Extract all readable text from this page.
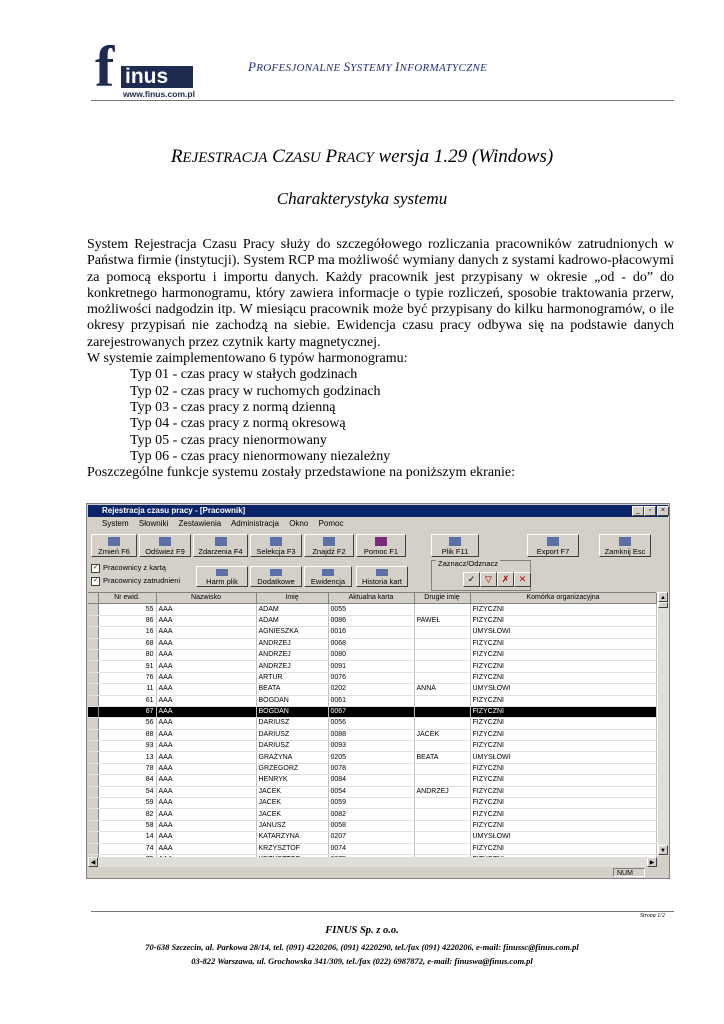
f inus
www.finus.com.pl
PROFESJONALNE SYSTEMY INFORMATYCZNE
REJESTRACJA CZASU PRACY wersja 1.29 (Windows)
Charakterystyka systemu

System Rejestracja Czasu Pracy służy do szczegółowego rozliczania pracowników zatrudnionych w Państwa firmie (instytucji). System RCP ma możliwość wymiany danych z systami kadrowo-płacowymi za pomocą eksportu i importu danych. Każdy pracownik jest przypisany w okresie „od - do” do konkretnego harmonogramu, który zawiera informacje o typie rozliczeń, sposobie traktowania przerw, możliwości nadgodzin itp. W miesiącu pracownik może być przypisany do kilku harmonogramów, o ile okresy przypisań nie zachodzą na siebie. Ewidencja czasu pracy odbywa się na podstawie danych zarejestrowanych przez czytnik karty magnetycznej.

W systemie zaimplementowano 6 typów harmonogramu:

Typ 01 - czas pracy w stałych godzinach

Typ 02 - czas pracy w ruchomych godzinach

Typ 03 - czas pracy z normą dzienną

Typ 04 - czas pracy z normą okresową

Typ 05 - czas pracy nienormowany

Typ 06 - czas pracy nienormowany niezależny

Poszczególne funkcje systemu zostały przedstawione na poniższym ekranie:

Rejestracja czasu pracy - [Pracownik]	_	▫	×
System Słowniki Zestawienia Administracja Okno Pomoc
Zmień F6	Odśwież F9	Zdarzenia F4	Selekcja F3	Znajdź F2	Pomoc F1	Plik F11	Export F7	Zamknij Esc
✓ Pracownicy z kartą
✓ Pracownicy zatrudnieni	Harm plik	Dodatkowe	Ewidencja	Historia kart
Zaznacz/Odznacz
✓	▽	✗	✕
	Nr ewid.	Nazwisko	Imię	Aktualna karta	Drugie imię	Komórka organizacyjna
	55	AAA	ADAM	0055		FIZYCZNI
	86	AAA	ADAM	0086	PAWEŁ	FIZYCZNI
	16	AAA	AGNIESZKA	0016		UMYSŁOWI
	68	AAA	ANDRZEJ	0068		FIZYCZNI
	80	AAA	ANDRZEJ	0080		FIZYCZNI
	91	AAA	ANDRZEJ	0091		FIZYCZNI
	76	AAA	ARTUR	0076		FIZYCZNI
	11	AAA	BEATA	0202	ANNA	UMYSŁOWI
	61	AAA	BOGDAN	0061		FIZYCZNI
	67	AAA	BOGDAN	0067		FIZYCZNI
	56	AAA	DARIUSZ	0056		FIZYCZNI
	88	AAA	DARIUSZ	0088	JACEK	FIZYCZNI
	93	AAA	DARIUSZ	0093		FIZYCZNI
	13	AAA	GRAŻYNA	0205	BEATA	UMYSŁOWI
	78	AAA	GRZEGORZ	0078		FIZYCZNI
	84	AAA	HENRYK	0084		FIZYCZNI
	54	AAA	JACEK	0054	ANDRZEJ	FIZYCZNI
	59	AAA	JACEK	0059		FIZYCZNI
	82	AAA	JACEK	0082		FIZYCZNI
	58	AAA	JANUSZ	0058		FIZYCZNI
	14	AAA	KATARZYNA	0207		UMYSŁOWI
	74	AAA	KRZYSZTOF	0074		FIZYCZNI

▲
▼
◀	▶
NUM
Strona 1/2
FINUS Sp. z o.o.
70-638 Szczecin, al. Parkowa 28/14, tel. (091) 4220206, (091) 4220290, tel./fax (091) 4220206, e-mail: finussc@finus.com.pl
03-822 Warszawa, ul. Grochowska 341/309, tel./fax (022) 6987872, e-mail: finuswa@finus.com.pl
